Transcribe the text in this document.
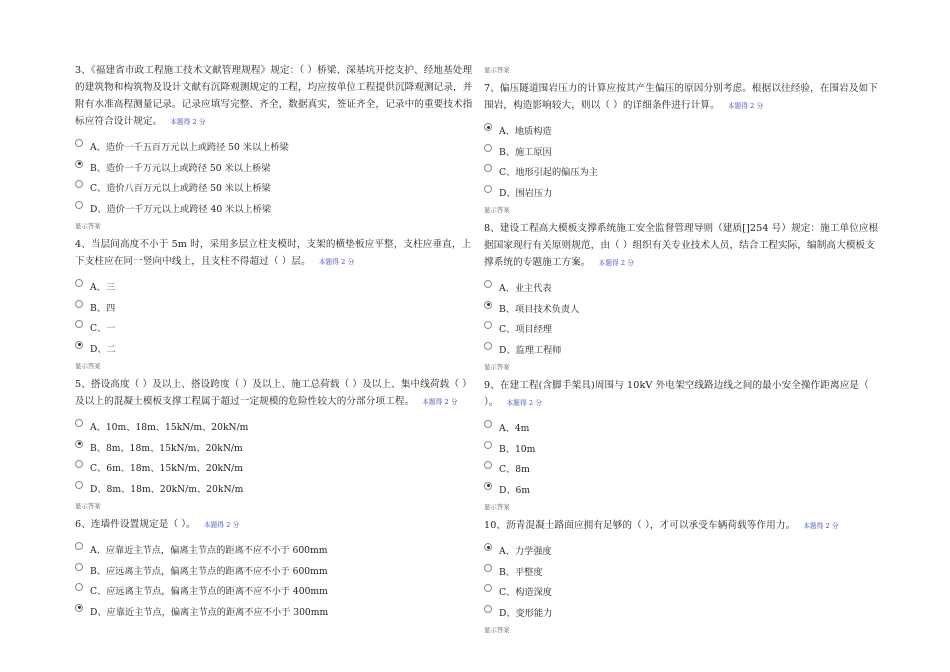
3、《福建省市政工程施工技术文献管理规程》规定：（ ）桥梁、深基坑开挖支护、经地基处理的建筑物和构筑物及设计文献有沉降观测规定的工程，均应按单位工程提供沉降观测记录，并附有水准高程测量记录。记录应填写完整、齐全，数据真实，签证齐全，记录中的重要技术指标应符合设计规定。 本题得 2 分

A、造价一千五百万元以上或跨径 50 米以上桥梁
B、造价一千万元以上或跨径 50 米以上桥梁
C、造价八百万元以上或跨径 50 米以上桥梁
D、造价一千万元以上或跨径 40 米以上桥梁
显示答案

4、当层间高度不小于 5m 时，采用多层立柱支模时，支架的横垫板应平整，支柱应垂直，上下支柱应在同一竖向中线上，且支柱不得超过（ ）层。 本题得 2 分

A、三
B、四
C、一
D、二
显示答案

5、搭设高度（ ）及以上、搭设跨度（ ）及以上、施工总荷载（ ）及以上、集中线荷载（ ）及以上的混凝土模板支撑工程属于超过一定规模的危险性较大的分部分项工程。 本题得 2 分

A、10m、18m、15kN/m、20kN/m
B、8m、18m、15kN/m、20kN/m
C、6m、18m、15kN/m、20kN/m
D、8m、18m、20kN/m、20kN/m
显示答案

6、连墙件设置规定是（ ）。 本题得 2 分

A、应靠近主节点，偏离主节点的距离不应不小于 600mm
B、应远离主节点，偏离主节点的距离不应不小于 600mm
C、应远离主节点，偏离主节点的距离不应不小于 400mm
D、应靠近主节点，偏离主节点的距离不应不小于 300mm
显示答案

7、偏压隧道围岩压力的计算应按其产生偏压的原因分别考虑。根据以往经验，在围岩及如下围岩，构造影响较大，则以（ ）的详细条件进行计算。 本题得 2 分

A、地质构造
B、施工原因
C、地形引起的偏压为主
D、围岩压力
显示答案

8、建设工程高大模板支撑系统施工安全监督管理导则（建质[]254 号）规定：施工单位应根据国家现行有关原则规范，由（ ）组织有关专业技术人员，结合工程实际，编制高大模板支撑系统的专题施工方案。 本题得 2 分

A、业主代表
B、项目技术负责人
C、项目经理
D、监理工程师
显示答案

9、在建工程(含脚手架具)周围与 10kV 外电架空线路边线之间的最小安全操作距离应是（ ）。 本题得 2 分

A、4m
B、10m
C、8m
D、6m
显示答案

10、沥青混凝土路面应拥有足够的（ ），才可以承受车辆荷载等作用力。 本题得 2 分

A、力学强度
B、平整度
C、构造深度
D、变形能力
显示答案
